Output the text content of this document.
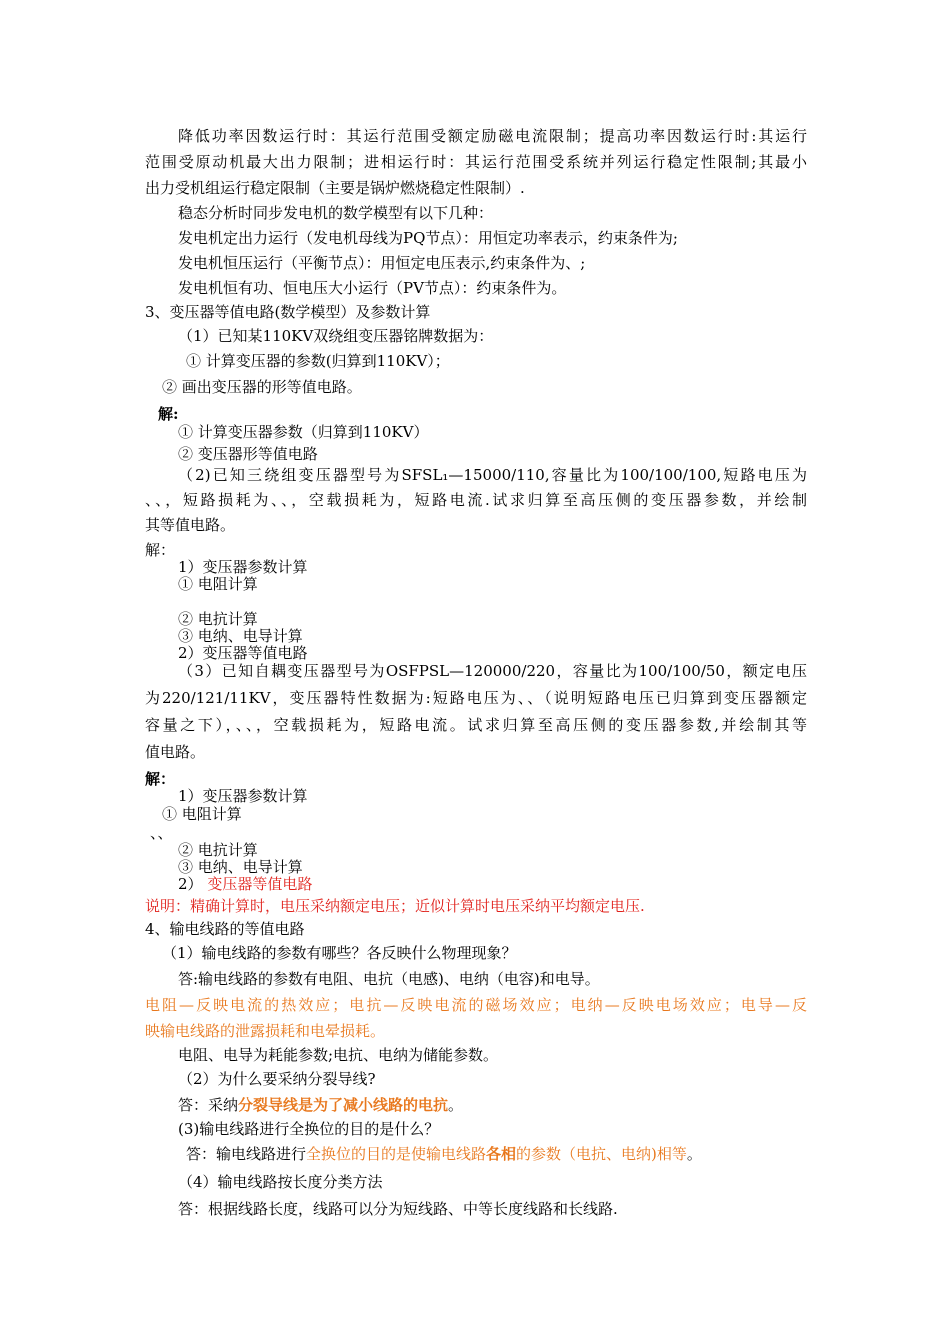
降低功率因数运行时：其运行范围受额定励磁电流限制；提高功率因数运行时:其运行
范围受原动机最大出力限制；进相运行时：其运行范围受系统并列运行稳定性限制;其最小
出力受机组运行稳定限制（主要是锅炉燃烧稳定性限制）.
稳态分析时同步发电机的数学模型有以下几种：
发电机定出力运行（发电机母线为PQ节点）：用恒定功率表示，约束条件为;
发电机恒压运行（平衡节点）：用恒定电压表示,约束条件为、;
发电机恒有功、恒电压大小运行（PV节点）：约束条件为。
3、变压器等值电路(数学模型）及参数计算
（1）已知某110KV双绕组变压器铭牌数据为：
① 计算变压器的参数(归算到110KV）；
② 画出变压器的形等值电路。
解:
① 计算变压器参数（归算到110KV）
② 变压器形等值电路
（2)已知三绕组变压器型号为SFSL₁—15000/110,容量比为100/100/100,短路电压为
、、，短路损耗为、、，空载损耗为，短路电流.试求归算至高压侧的变压器参数，并绘制
其等值电路。
解：
1）变压器参数计算
① 电阻计算
② 电抗计算
③ 电纳、电导计算
2）变压器等值电路
（3）已知自耦变压器型号为OSFPSL—120000/220，容量比为100/100/50，额定电压
为220/121/11KV，变压器特性数据为:短路电压为、、（说明短路电压已归算到变压器额定
容量之下），、、，空载损耗为，短路电流。试求归算至高压侧的变压器参数,并绘制其等
值电路。
解：
1）变压器参数计算
① 电阻计算
、、
② 电抗计算
③ 电纳、电导计算
2） 变压器等值电路
说明：精确计算时，电压采纳额定电压；近似计算时电压采纳平均额定电压.
4、输电线路的等值电路
（1）输电线路的参数有哪些？各反映什么物理现象？
答:输电线路的参数有电阻、电抗（电感)、电纳（电容)和电导。
电阻—反映电流的热效应；电抗—反映电流的磁场效应；电纳—反映电场效应；电导—反
映输电线路的泄露损耗和电晕损耗。
电阻、电导为耗能参数;电抗、电纳为储能参数。
（2）为什么要采纳分裂导线?
答：采纳分裂导线是为了减小线路的电抗。
(3)输电线路进行全换位的目的是什么？
答：输电线路进行全换位的目的是使输电线路各相的参数（电抗、电纳)相等。
（4）输电线路按长度分类方法
答：根据线路长度，线路可以分为短线路、中等长度线路和长线路.
